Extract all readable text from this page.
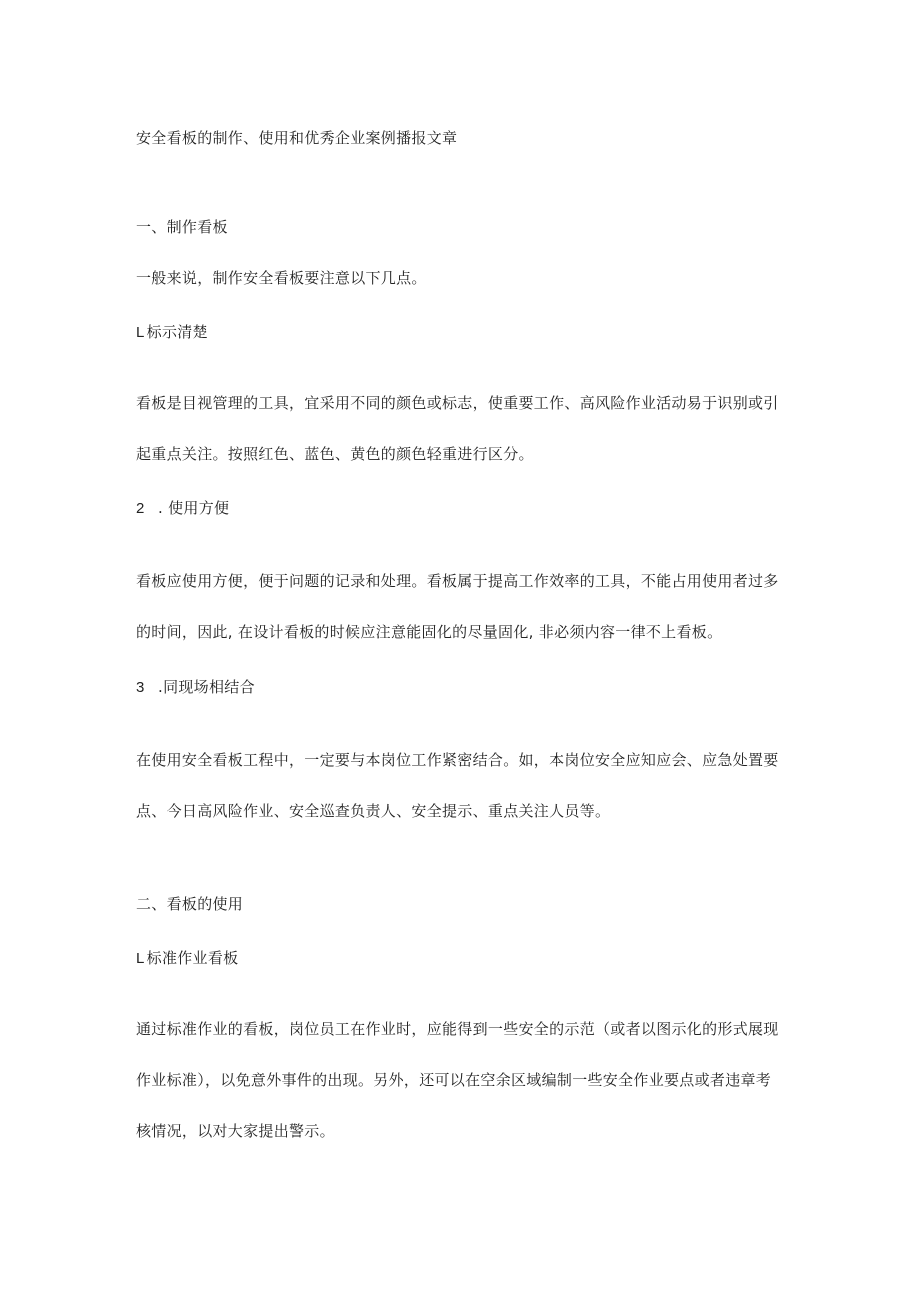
安全看板的制作、使用和优秀企业案例播报文章
一、制作看板
一般来说，制作安全看板要注意以下几点。
L 标示清楚
看板是目视管理的工具，宜采用不同的颜色或标志，使重要工作、高风险作业活动易于识别或引
起重点关注。按照红色、蓝色、黄色的颜色轻重进行区分。
2 . 使用方便
看板应使用方便，便于问题的记录和处理。看板属于提高工作效率的工具，不能占用使用者过多
的时间，因此, 在设计看板的时候应注意能固化的尽量固化, 非必须内容一律不上看板。
3 .同现场相结合
在使用安全看板工程中，一定要与本岗位工作紧密结合。如，本岗位安全应知应会、应急处置要
点、今日高风险作业、安全巡查负责人、安全提示、重点关注人员等。
二、看板的使用
L 标准作业看板
通过标准作业的看板，岗位员工在作业时，应能得到一些安全的示范（或者以图示化的形式展现
作业标准），以免意外事件的出现。另外，还可以在空余区域编制一些安全作业要点或者违章考
核情况，以对大家提出警示。
